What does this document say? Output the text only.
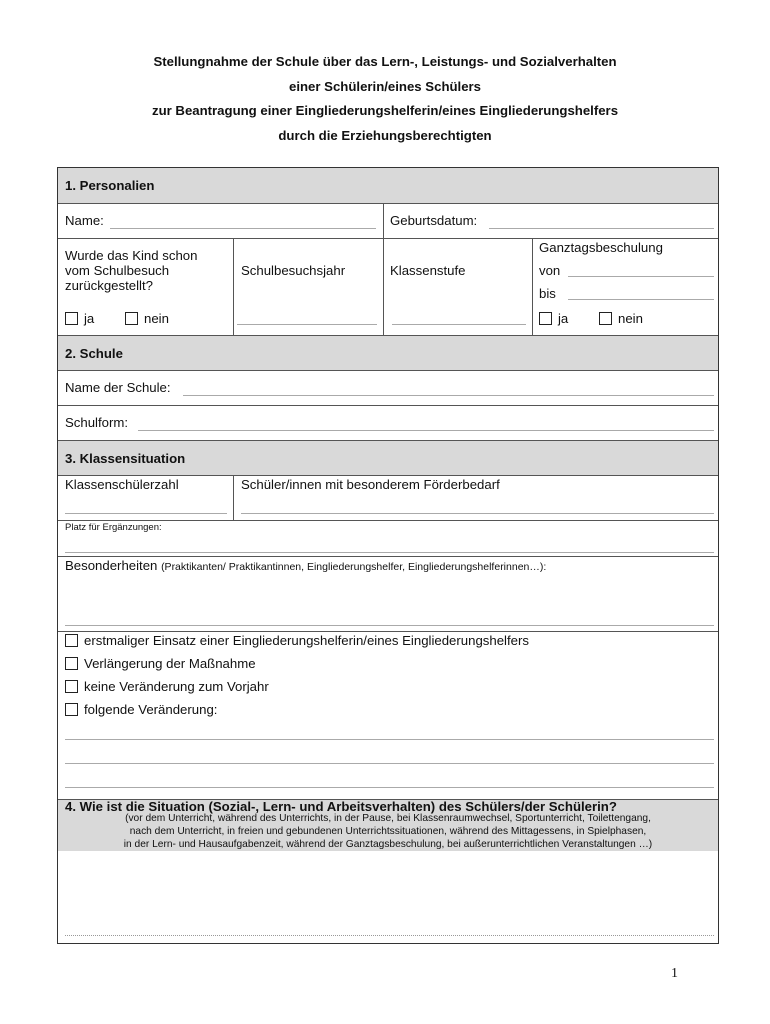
Stellungnahme der Schule über das Lern-, Leistungs- und Sozialverhalten
einer Schülerin/eines Schülers
zur Beantragung einer Eingliederungshelferin/eines Eingliederungshelfers
durch die Erziehungsberechtigten
1. Personalien
Name:	Geburtsdatum:
Wurde das Kind schon
vom Schulbesuch
zurückgestellt?
ja	nein
Schulbesuchsjahr	Klassenstufe
Ganztagsbeschulung
von
bis
ja	nein
2. Schule
Name der Schule:
Schulform:
3. Klassensituation
Klassenschülerzahl	Schüler/innen mit besonderem Förderbedarf
Platz für Ergänzungen:
Besonderheiten (Praktikanten/ Praktikantinnen, Eingliederungshelfer, Eingliederungshelferinnen…):
erstmaliger Einsatz einer Eingliederungshelferin/eines Eingliederungshelfers
Verlängerung der Maßnahme
keine Veränderung zum Vorjahr
folgende Veränderung:
4. Wie ist die Situation (Sozial-, Lern- und Arbeitsverhalten) des Schülers/der Schülerin?
(vor dem Unterricht, während des Unterrichts, in der Pause, bei Klassenraumwechsel, Sportunterricht, Toilettengang,
nach dem Unterricht, in freien und gebundenen Unterrichtssituationen, während des Mittagessens, in Spielphasen,
in der Lern- und Hausaufgabenzeit, während der Ganztagsbeschulung, bei außerunterrichtlichen Veranstaltungen …)
1
